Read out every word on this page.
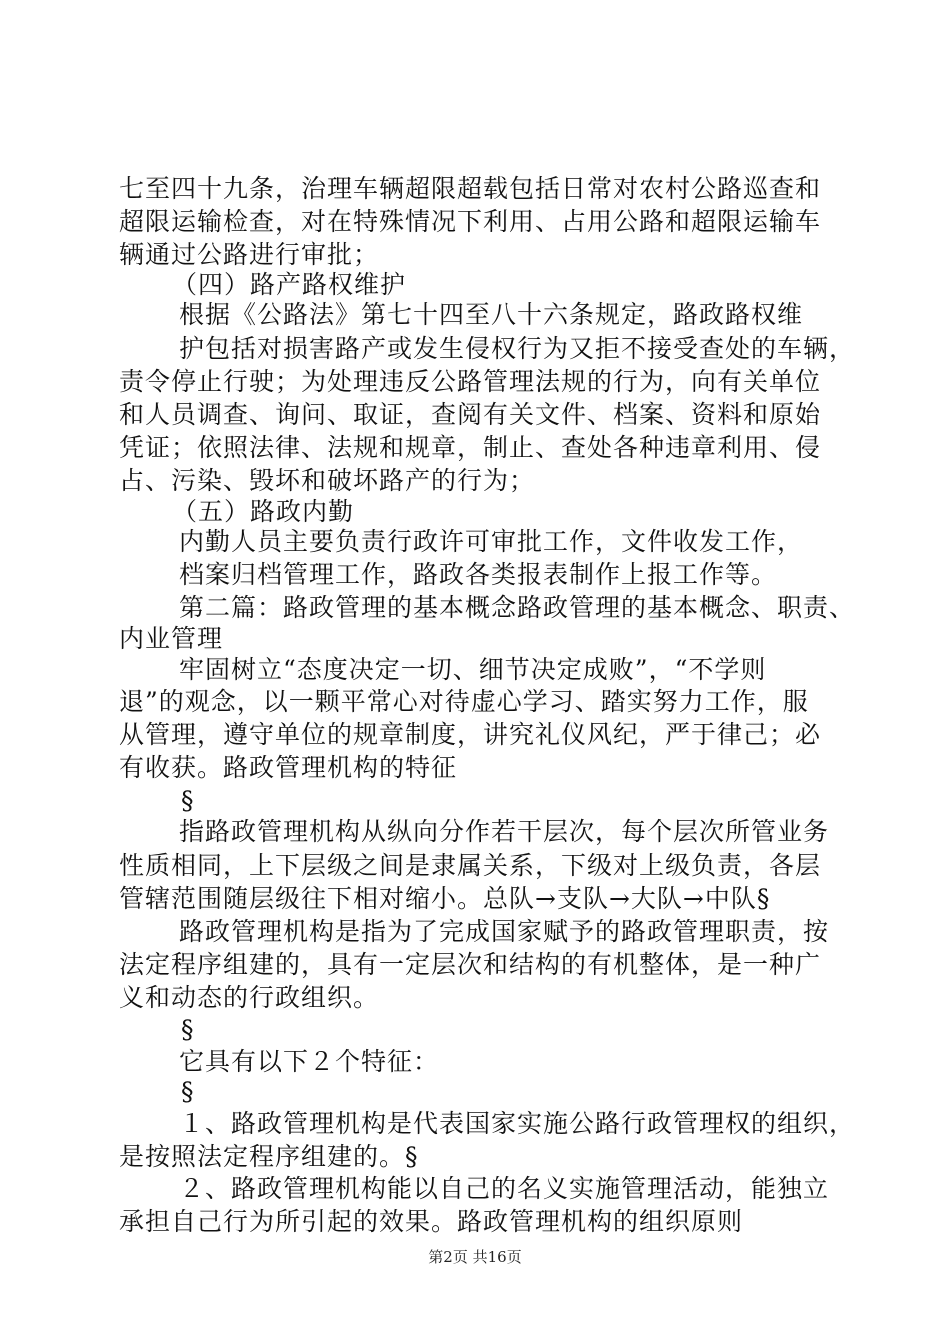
七至四十九条，治理车辆超限超载包括日常对农村公路巡查和
超限运输检查，对在特殊情况下利用、占用公路和超限运输车
辆通过公路进行审批；
（四）路产路权维护
根据《公路法》第七十四至八十六条规定，路政路权维
护包括对损害路产或发生侵权行为又拒不接受查处的车辆，
责令停止行驶；为处理违反公路管理法规的行为，向有关单位
和人员调查、询问、取证，查阅有关文件、档案、资料和原始
凭证；依照法律、法规和规章，制止、查处各种违章利用、侵
占、污染、毁坏和破坏路产的行为；
（五）路政内勤
内勤人员主要负责行政许可审批工作，文件收发工作，
档案归档管理工作，路政各类报表制作上报工作等。
第二篇：路政管理的基本概念路政管理的基本概念、职责、
内业管理
牢固树立“态度决定一切、细节决定成败”，“不学则
退”的观念，以一颗平常心对待虚心学习、踏实努力工作，服
从管理，遵守单位的规章制度，讲究礼仪风纪，严于律己；必
有收获。路政管理机构的特征
§
指路政管理机构从纵向分作若干层次，每个层次所管业务
性质相同，上下层级之间是隶属关系，下级对上级负责，各层
管辖范围随层级往下相对缩小。总队→支队→大队→中队§
路政管理机构是指为了完成国家赋予的路政管理职责，按
法定程序组建的，具有一定层次和结构的有机整体，是一种广
义和动态的行政组织。
§
它具有以下２个特征：
§
１、路政管理机构是代表国家实施公路行政管理权的组织，
是按照法定程序组建的。§
２、路政管理机构能以自己的名义实施管理活动，能独立
承担自己行为所引起的效果。路政管理机构的组织原则
第2页 共16页
